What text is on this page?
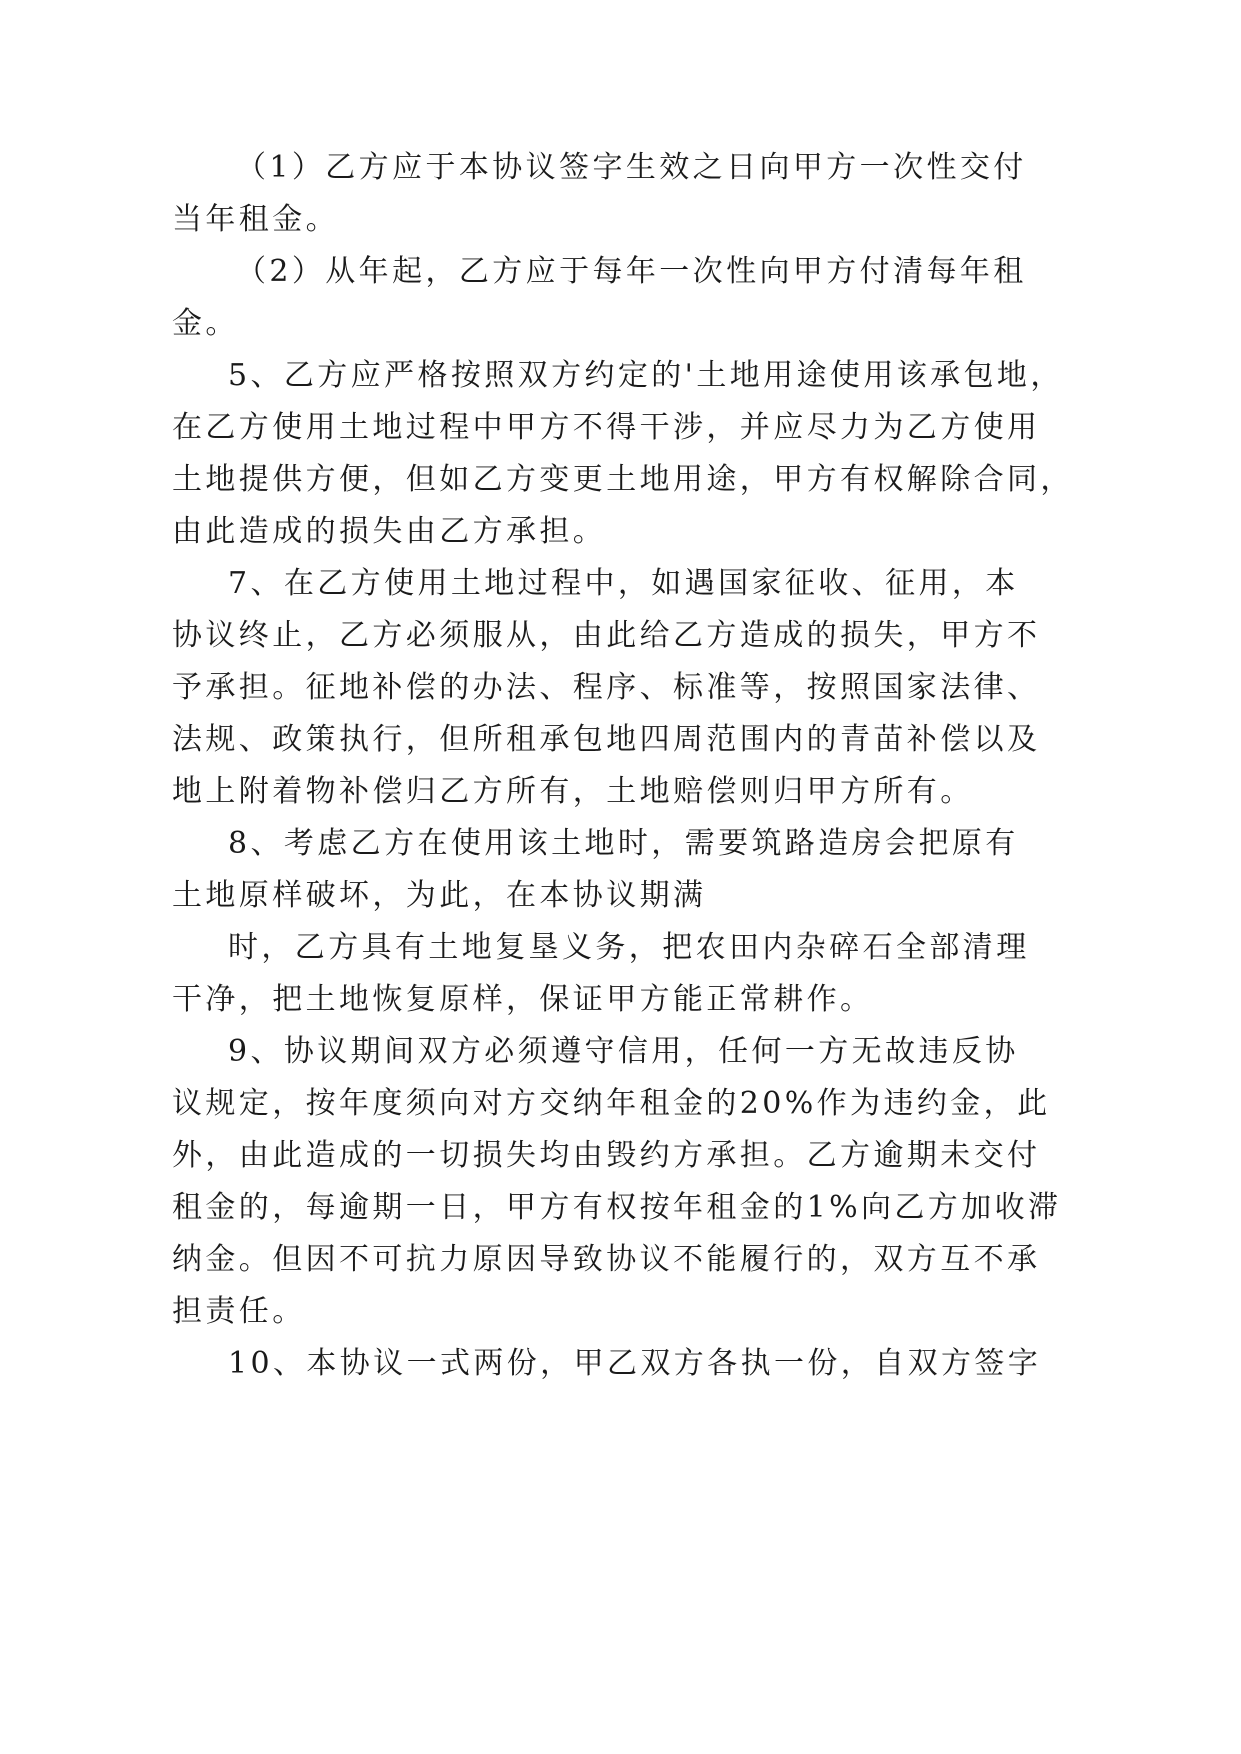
（1）乙方应于本协议签字生效之日向甲方一次性交付
当年租金。
（2）从年起，乙方应于每年一次性向甲方付清每年租
金。
5、乙方应严格按照双方约定的'土地用途使用该承包地，
在乙方使用土地过程中甲方不得干涉，并应尽力为乙方使用
土地提供方便，但如乙方变更土地用途，甲方有权解除合同，
由此造成的损失由乙方承担。
7、在乙方使用土地过程中，如遇国家征收、征用，本
协议终止，乙方必须服从，由此给乙方造成的损失，甲方不
予承担。征地补偿的办法、程序、标准等，按照国家法律、
法规、政策执行，但所租承包地四周范围内的青苗补偿以及
地上附着物补偿归乙方所有，土地赔偿则归甲方所有。
8、考虑乙方在使用该土地时，需要筑路造房会把原有
土地原样破坏，为此，在本协议期满
时，乙方具有土地复垦义务，把农田内杂碎石全部清理
干净，把土地恢复原样，保证甲方能正常耕作。
9、协议期间双方必须遵守信用，任何一方无故违反协
议规定，按年度须向对方交纳年租金的20%作为违约金，此
外，由此造成的一切损失均由毁约方承担。乙方逾期未交付
租金的，每逾期一日，甲方有权按年租金的1%向乙方加收滞
纳金。但因不可抗力原因导致协议不能履行的，双方互不承
担责任。
10、本协议一式两份，甲乙双方各执一份，自双方签字
